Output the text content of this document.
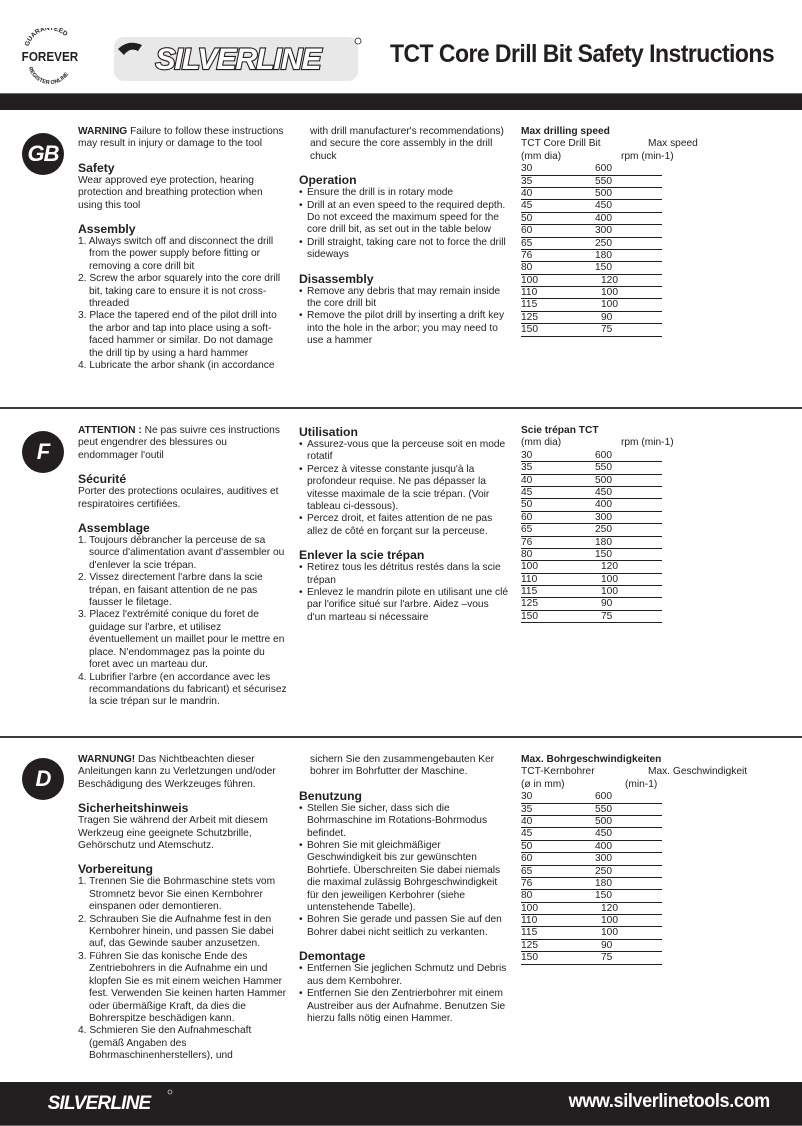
GUARANTEED
FOREVER
REGISTER ONLINE	SILVERLINE	TCT Core Drill Bit Safety Instructions
GB
WARNING Failure to follow these instructions may result in injury or damage to the tool
Safety
Wear approved eye protection, hearing protection and breathing protection when using this tool
Assembly
1. Always switch off and disconnect the drill from the power supply before fitting or removing a core drill bit
2. Screw the arbor squarely into the core drill bit, taking care to ensure it is not cross-threaded
3. Place the tapered end of the pilot drill into the arbor and tap into place using a soft-faced hammer or similar. Do not damage the drill tip by using a hard hammer
4. Lubricate the arbor shank (in accordance
with drill manufacturer's recommendations) and secure the core assembly in the drill chuck
Operation
• Ensure the drill is in rotary mode
• Drill at an even speed to the required depth. Do not exceed the maximum speed for the core drill bit, as set out in the table below
• Drill straight, taking care not to force the drill sideways
Disassembly
• Remove any debris that may remain inside the core drill bit
• Remove the pilot drill by inserting a drift key into the hole in the arbor; you may need to use a hammer
Max drilling speed
TCT Core Drill Bit	Max speed
(mm dia)	rpm (min-1)
30	600
35	550
40	500
45	450
50	400
60	300
65	250
76	180
80	150
100	120
110	100
115	100
125	90
150	75
F
ATTENTION : Ne pas suivre ces instructions peut engendrer des blessures ou endommager l'outil
Sécurité
Porter des protections oculaires, auditives et respiratoires certifiées.
Assemblage
1. Toujours débrancher la perceuse de sa source d'alimentation avant d'assembler ou d'enlever la scie trépan.
2. Vissez directement l'arbre dans la scie trépan, en faisant attention de ne pas fausser le filetage.
3. Placez l'extrémité conique du foret de guidage sur l'arbre, et utilisez éventuellement un maillet pour le mettre en place. N'endommagez pas la pointe du foret avec un marteau dur.
4. Lubrifier l'arbre (en accordance avec les recommandations du fabricant) et sécurisez la scie trépan sur le mandrin.
Utilisation
• Assurez-vous que la perceuse soit en mode rotatif
• Percez à vitesse constante jusqu'à la profondeur requise. Ne pas dépasser la vitesse maximale de la scie trépan. (Voir tableau ci-dessous).
• Percez droit, et faites attention de ne pas allez de côté en forçant sur la perceuse.
Enlever la scie trépan
• Retirez tous les détritus restés dans la scie trépan
• Enlevez le mandrin pilote en utilisant une clé par l'orifice situé sur l'arbre. Aidez –vous d'un marteau si nécessaire
Scie trépan TCT
(mm dia)	rpm (min-1)
30	600
35	550
40	500
45	450
50	400
60	300
65	250
76	180
80	150
100	120
110	100
115	100
125	90
150	75
D
WARNUNG! Das Nichtbeachten dieser Anleitungen kann zu Verletzungen und/oder Beschädigung des Werkzeuges führen.
Sicherheitshinweis
Tragen Sie während der Arbeit mit diesem Werkzeug eine geeignete Schutzbrille, Gehörschutz und Atemschutz.
Vorbereitung
1. Trennen Sie die Bohrmaschine stets vom Stromnetz bevor Sie einen Kernbohrer einspanen oder demontieren.
2. Schrauben Sie die Aufnahme fest in den Kernbohrer hinein, und passen Sie dabei auf, das Gewinde sauber anzusetzen.
3. Führen Sie das konische Ende des Zentriebohrers in die Aufnahme ein und klopfen Sie es mit einem weichen Hammer fest. Verwenden Sie keinen harten Hammer oder übermäßige Kraft, da dies die Bohrerspitze beschädigen kann.
4. Schmieren Sie den Aufnahmeschaft (gemäß Angaben des Bohrmaschinenherstellers), und
sichern Sie den zusammengebauten Ker bohrer im Bohrfutter der Maschine.
Benutzung
• Stellen Sie sicher, dass sich die Bohrmaschine im Rotations-Bohrmodus befindet.
• Bohren Sie mit gleichmäßiger Geschwindigkeit bis zur gewünschten Bohrtiefe. Überschreiten Sie dabei niemals die maximal zulässig Bohrgeschwindigkeit für den jeweiligen Kerbohrer (siehe untenstehende Tabelle).
• Bohren Sie gerade und passen Sie auf den Bohrer dabei nicht seitlich zu verkanten.
Demontage
• Entfernen Sie jeglichen Schmutz und Debris aus dem Kernbohrer.
• Entfernen Sie den Zentrierbohrer mit einem Austreiber aus der Aufnahme. Benutzen Sie hierzu falls nötig einen Hammer.
Max. Bohrgeschwindigkeiten
TCT-Kernbohrer	Max. Geschwindigkeit
(ø in mm)	(min-1)
30	600
35	550
40	500
45	450
50	400
60	300
65	250
76	180
80	150
100	120
110	100
115	100
125	90
150	75
SILVERLINE	www.silverlinetools.com
